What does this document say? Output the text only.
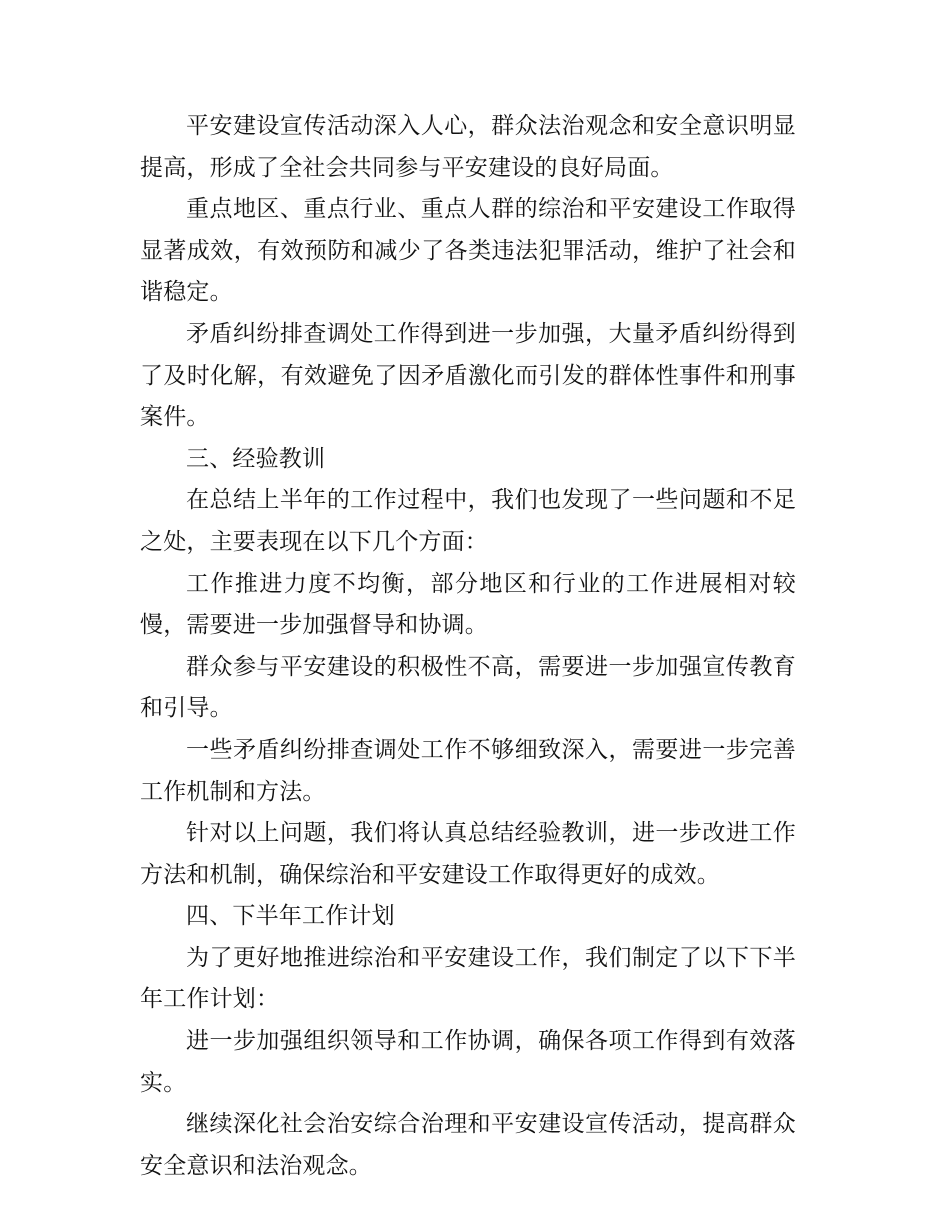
平安建设宣传活动深入人心，群众法治观念和安全意识明显提高，形成了全社会共同参与平安建设的良好局面。

重点地区、重点行业、重点人群的综治和平安建设工作取得显著成效，有效预防和减少了各类违法犯罪活动，维护了社会和谐稳定。

矛盾纠纷排查调处工作得到进一步加强，大量矛盾纠纷得到了及时化解，有效避免了因矛盾激化而引发的群体性事件和刑事案件。

三、经验教训

在总结上半年的工作过程中，我们也发现了一些问题和不足之处，主要表现在以下几个方面：

工作推进力度不均衡，部分地区和行业的工作进展相对较慢，需要进一步加强督导和协调。

群众参与平安建设的积极性不高，需要进一步加强宣传教育和引导。

一些矛盾纠纷排查调处工作不够细致深入，需要进一步完善工作机制和方法。

针对以上问题，我们将认真总结经验教训，进一步改进工作方法和机制，确保综治和平安建设工作取得更好的成效。

四、下半年工作计划

为了更好地推进综治和平安建设工作，我们制定了以下下半年工作计划：

进一步加强组织领导和工作协调，确保各项工作得到有效落实。

继续深化社会治安综合治理和平安建设宣传活动，提高群众安全意识和法治观念。
